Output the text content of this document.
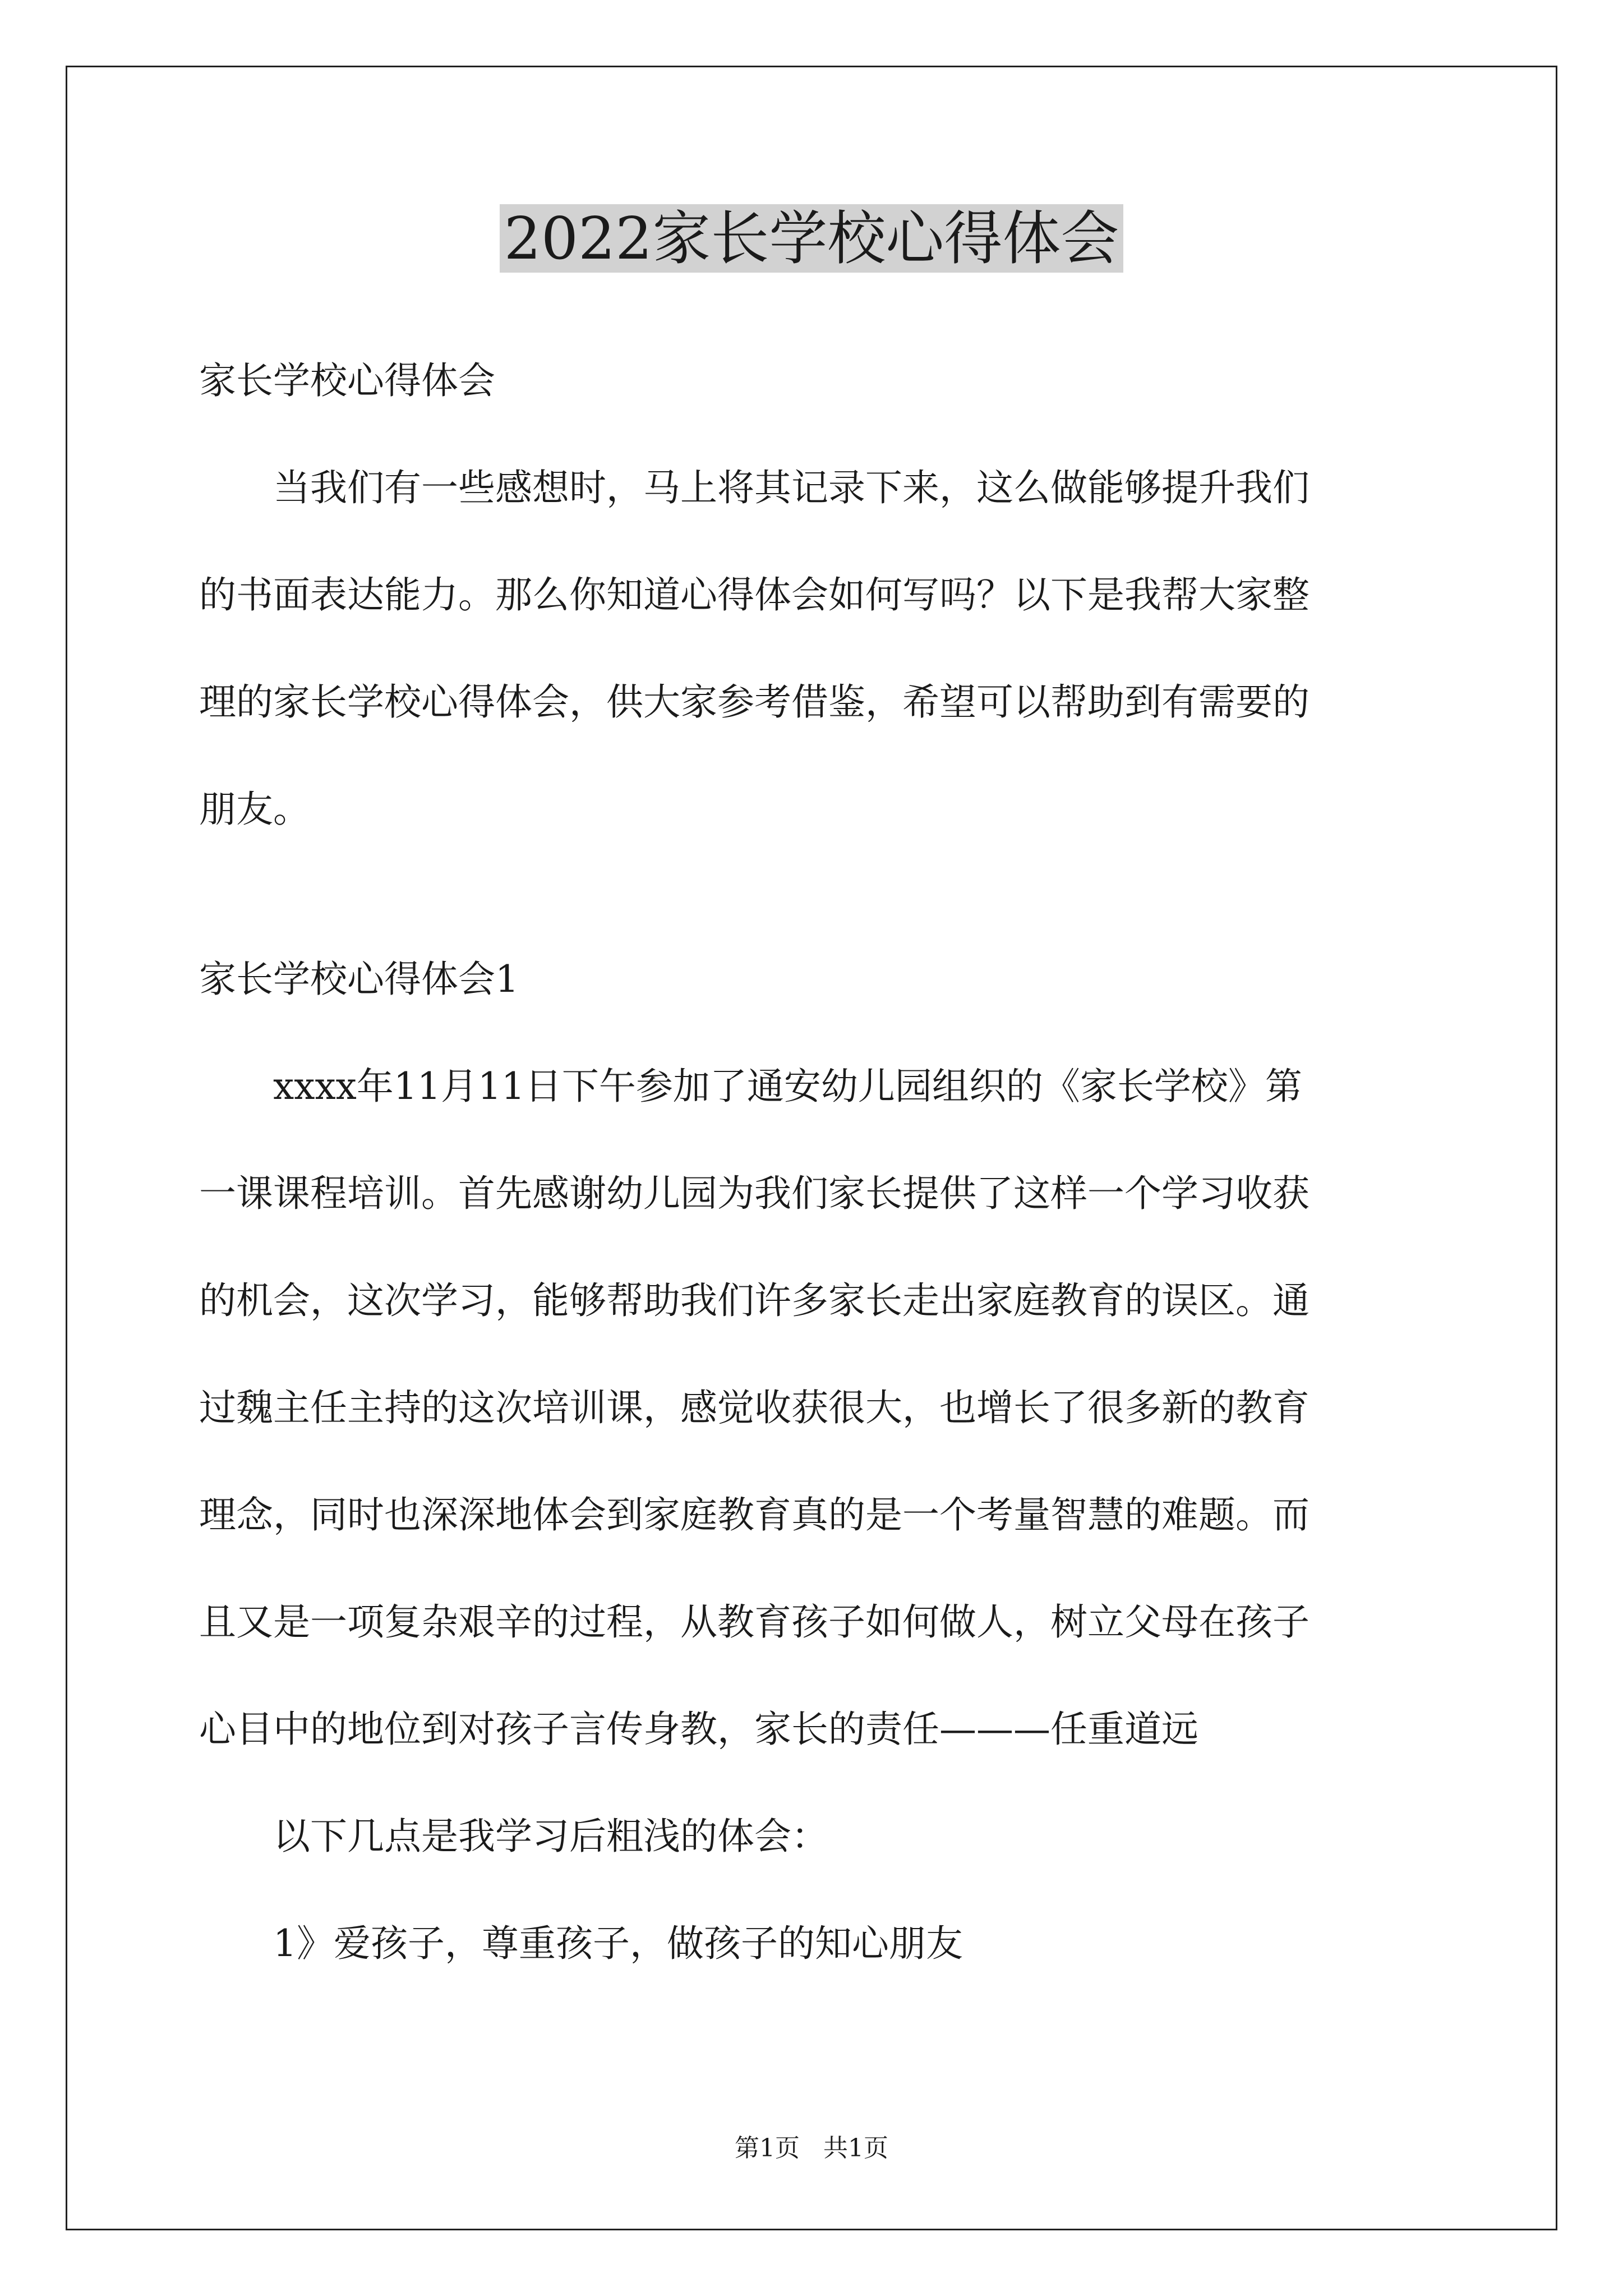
2022家长学校心得体会

家长学校心得体会

当我们有一些感想时，马上将其记录下来，这么做能够提升我们
的书面表达能力。那么你知道心得体会如何写吗？以下是我帮大家整
理的家长学校心得体会，供大家参考借鉴，希望可以帮助到有需要的
朋友。

家长学校心得体会1

xxxx年11月11日下午参加了通安幼儿园组织的《家长学校》第
一课课程培训。首先感谢幼儿园为我们家长提供了这样一个学习收获
的机会，这次学习，能够帮助我们许多家长走出家庭教育的误区。通
过魏主任主持的这次培训课，感觉收获很大，也增长了很多新的教育
理念，同时也深深地体会到家庭教育真的是一个考量智慧的难题。而
且又是一项复杂艰辛的过程，从教育孩子如何做人，树立父母在孩子
心目中的地位到对孩子言传身教，家长的责任———任重道远

以下几点是我学习后粗浅的体会：

1》爱孩子，尊重孩子，做孩子的知心朋友

第1页   共1页
